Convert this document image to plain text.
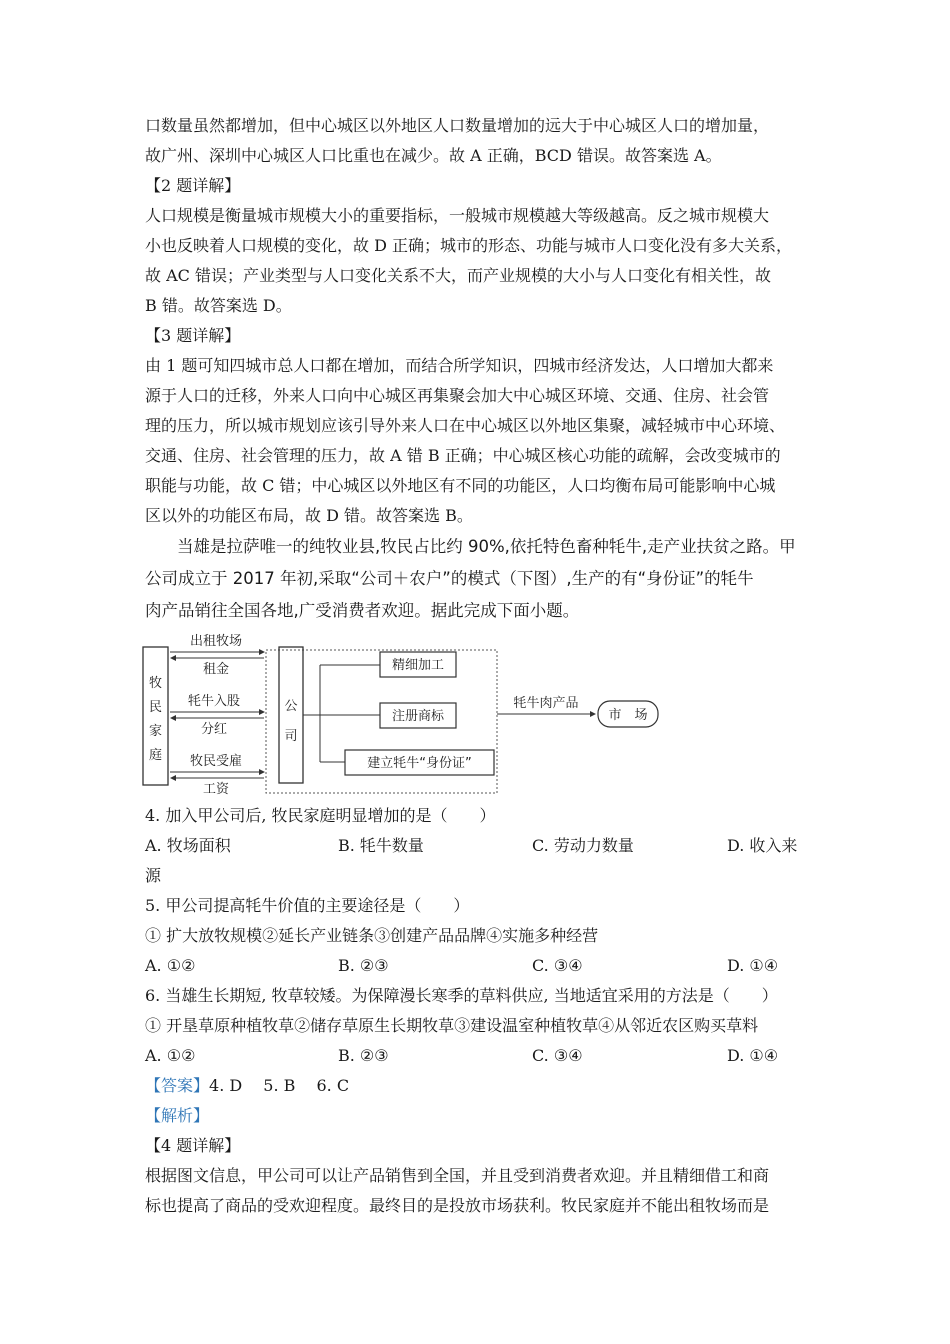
口数量虽然都增加，但中心城区以外地区人口数量增加的远大于中心城区人口的增加量，
故广州、深圳中心城区人口比重也在减少。故 A 正确，BCD 错误。故答案选 A。
【2 题详解】
人口规模是衡量城市规模大小的重要指标，一般城市规模越大等级越高。反之城市规模大
小也反映着人口规模的变化，故 D 正确；城市的形态、功能与城市人口变化没有多大关系，
故 AC 错误；产业类型与人口变化关系不大，而产业规模的大小与人口变化有相关性，故
B 错。故答案选 D。
【3 题详解】
由 1 题可知四城市总人口都在增加，而结合所学知识，四城市经济发达，人口增加大都来
源于人口的迁移，外来人口向中心城区再集聚会加大中心城区环境、交通、住房、社会管
理的压力，所以城市规划应该引导外来人口在中心城区以外地区集聚，减轻城市中心环境、
交通、住房、社会管理的压力，故 A 错 B 正确；中心城区核心功能的疏解，会改变城市的
职能与功能，故 C 错；中心城区以外地区有不同的功能区，人口均衡布局可能影响中心城
区以外的功能区布局，故 D 错。故答案选 B。
当雄是拉萨唯一的纯牧业县,牧民占比约 90%,依托特色畜种牦牛,走产业扶贫之路。甲
公司成立于 2017 年初,采取“公司＋农户”的模式（下图）,生产的有“身份证”的牦牛
肉产品销往全国各地,广受消费者欢迎。据此完成下面小题。
牧
民
家
庭
公
司
出租牧场
租金
牦牛入股
分红
牧民受雇
工资
精细加工
注册商标
建立牦牛“身份证”
牦牛肉产品
市　场
4. 加入甲公司后, 牧民家庭明显增加的是（　　）
A. 牧场面积	B. 牦牛数量	C. 劳动力数量	D. 收入来
源
5. 甲公司提高牦牛价值的主要途径是（　　）
① 扩大放牧规模②延长产业链条③创建产品品牌④实施多种经营
A. ①②	B. ②③	C. ③④	D. ①④
6. 当雄生长期短, 牧草较矮。为保障漫长寒季的草料供应, 当地适宜采用的方法是（　　）
① 开垦草原种植牧草②储存草原生长期牧草③建设温室种植牧草④从邻近农区购买草料
A. ①②	B. ②③	C. ③④	D. ①④
【答案】4. D　 5. B　 6. C
【解析】
【4 题详解】
根据图文信息，甲公司可以让产品销售到全国，并且受到消费者欢迎。并且精细借工和商
标也提高了商品的受欢迎程度。最终目的是投放市场获利。牧民家庭并不能出租牧场而是
